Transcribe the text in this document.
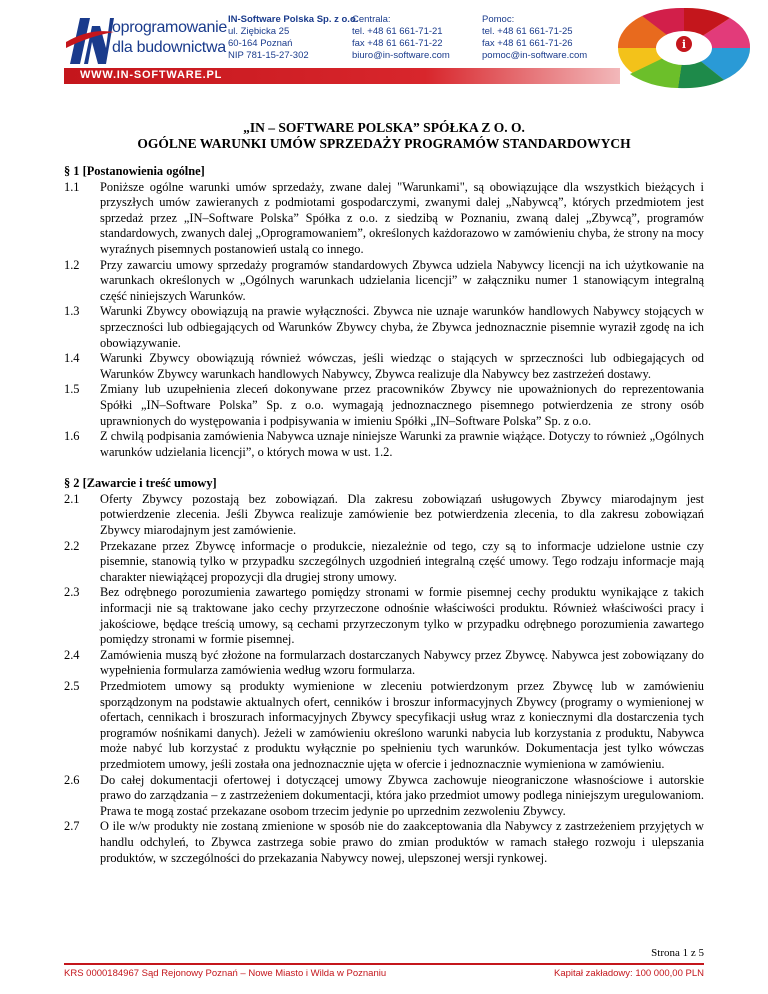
oprogramowanie
dla budownictwa
IN-Software Polska Sp. z o.o.
ul. Ziębicka 25
60-164 Poznań
NIP 781-15-27-302
Centrala:
tel. +48 61 661-71-21
fax +48 61 661-71-22
biuro@in-software.com
Pomoc:
tel. +48 61 661-71-25
fax +48 61 661-71-26
pomoc@in-software.com
i
WWW.IN-SOFTWARE.PL
„IN – SOFTWARE POLSKA” SPÓŁKA Z O. O.
OGÓLNE WARUNKI UMÓW SPRZEDAŻY PROGRAMÓW STANDARDOWYCH
§ 1 [Postanowienia ogólne]
1.1	Poniższe ogólne warunki umów sprzedaży, zwane dalej "Warunkami", są obowiązujące dla wszystkich bieżących i przyszłych umów zawieranych z podmiotami gospodarczymi, zwanymi dalej „Nabywcą”, których przedmiotem jest sprzedaż przez „IN–Software Polska” Spółka z o.o. z siedzibą w Poznaniu, zwaną dalej „Zbywcą”, programów standardowych, zwanych dalej „Oprogramowaniem”, określonych każdorazowo w zamówieniu chyba, że strony na mocy wyraźnych pisemnych postanowień ustalą co innego.
1.2	Przy zawarciu umowy sprzedaży programów standardowych Zbywca udziela Nabywcy licencji na ich użytkowanie na warunkach określonych w „Ogólnych warunkach udzielania licencji” w załączniku numer 1 stanowiącym integralną część niniejszych Warunków.
1.3	Warunki Zbywcy obowiązują na prawie wyłączności. Zbywca nie uznaje warunków handlowych Nabywcy stojących w sprzeczności lub odbiegających od Warunków Zbywcy chyba, że Zbywca jednoznacznie pisemnie wyraził zgodę na ich obowiązywanie.
1.4	Warunki Zbywcy obowiązują również wówczas, jeśli wiedząc o stających w sprzeczności lub odbiegających od Warunków Zbywcy warunkach handlowych Nabywcy, Zbywca realizuje dla Nabywcy bez zastrzeżeń dostawy.
1.5	Zmiany lub uzupełnienia zleceń dokonywane przez pracowników Zbywcy nie upoważnionych do reprezentowania Spółki „IN–Software Polska” Sp. z o.o. wymagają jednoznacznego pisemnego potwierdzenia ze strony osób uprawnionych do występowania i podpisywania w imieniu Spółki „IN–Software Polska” Sp. z o.o.
1.6	Z chwilą podpisania zamówienia Nabywca uznaje niniejsze Warunki za prawnie wiążące. Dotyczy to również „Ogólnych warunków udzielania licencji”, o których mowa w ust. 1.2.
§ 2 [Zawarcie i treść umowy]
2.1	Oferty Zbywcy pozostają bez zobowiązań. Dla zakresu zobowiązań usługowych Zbywcy miarodajnym jest potwierdzenie zlecenia. Jeśli Zbywca realizuje zamówienie bez potwierdzenia zlecenia, to dla zakresu zobowiązań Zbywcy miarodajnym jest zamówienie.
2.2	Przekazane przez Zbywcę informacje o produkcie, niezależnie od tego, czy są to informacje udzielone ustnie czy pisemnie, stanowią tylko w przypadku szczególnych uzgodnień integralną część umowy. Tego rodzaju informacje mają charakter niewiążącej propozycji dla drugiej strony umowy.
2.3	Bez odrębnego porozumienia zawartego pomiędzy stronami w formie pisemnej cechy produktu wynikające z takich informacji nie są traktowane jako cechy przyrzeczone odnośnie właściwości produktu. Również właściwości pracy i jakościowe, będące treścią umowy, są cechami przyrzeczonym tylko w przypadku odrębnego porozumienia zawartego pomiędzy stronami w formie pisemnej.
2.4	Zamówienia muszą być złożone na formularzach dostarczanych Nabywcy przez Zbywcę. Nabywca jest zobowiązany do wypełnienia formularza zamówienia według wzoru formularza.
2.5	Przedmiotem umowy są produkty wymienione w zleceniu potwierdzonym przez Zbywcę lub w zamówieniu sporządzonym na podstawie aktualnych ofert, cenników i broszur informacyjnych Zbywcy (programy o wymienionej w ofertach, cennikach i broszurach informacyjnych Zbywcy specyfikacji usług wraz z koniecznymi dla dostarczenia tych programów nośnikami danych). Jeżeli w zamówieniu określono warunki nabycia lub korzystania z produktu, Nabywca może nabyć lub korzystać z produktu wyłącznie po spełnieniu tych warunków. Dokumentacja jest tylko wówczas przedmiotem umowy, jeśli została ona jednoznacznie ujęta w ofercie i jednoznacznie wymieniona w zamówieniu.
2.6	Do całej dokumentacji ofertowej i dotyczącej umowy Zbywca zachowuje nieograniczone własnościowe i autorskie prawo do zarządzania – z zastrzeżeniem dokumentacji, która jako przedmiot umowy podlega niniejszym uregulowaniom. Prawa te mogą zostać przekazane osobom trzecim jedynie po uprzednim zezwoleniu Zbywcy.
2.7	O ile w/w produkty nie zostaną zmienione w sposób nie do zaakceptowania dla Nabywcy z zastrzeżeniem przyjętych w handlu odchyleń, to Zbywca zastrzega sobie prawo do zmian produktów w ramach stałego rozwoju i ulepszania produktów, w szczególności do przekazania Nabywcy nowej, ulepszonej wersji rynkowej.
Strona 1 z 5
KRS 0000184967 Sąd Rejonowy Poznań – Nowe Miasto i Wilda w Poznaniu	Kapitał zakładowy: 100 000,00 PLN
